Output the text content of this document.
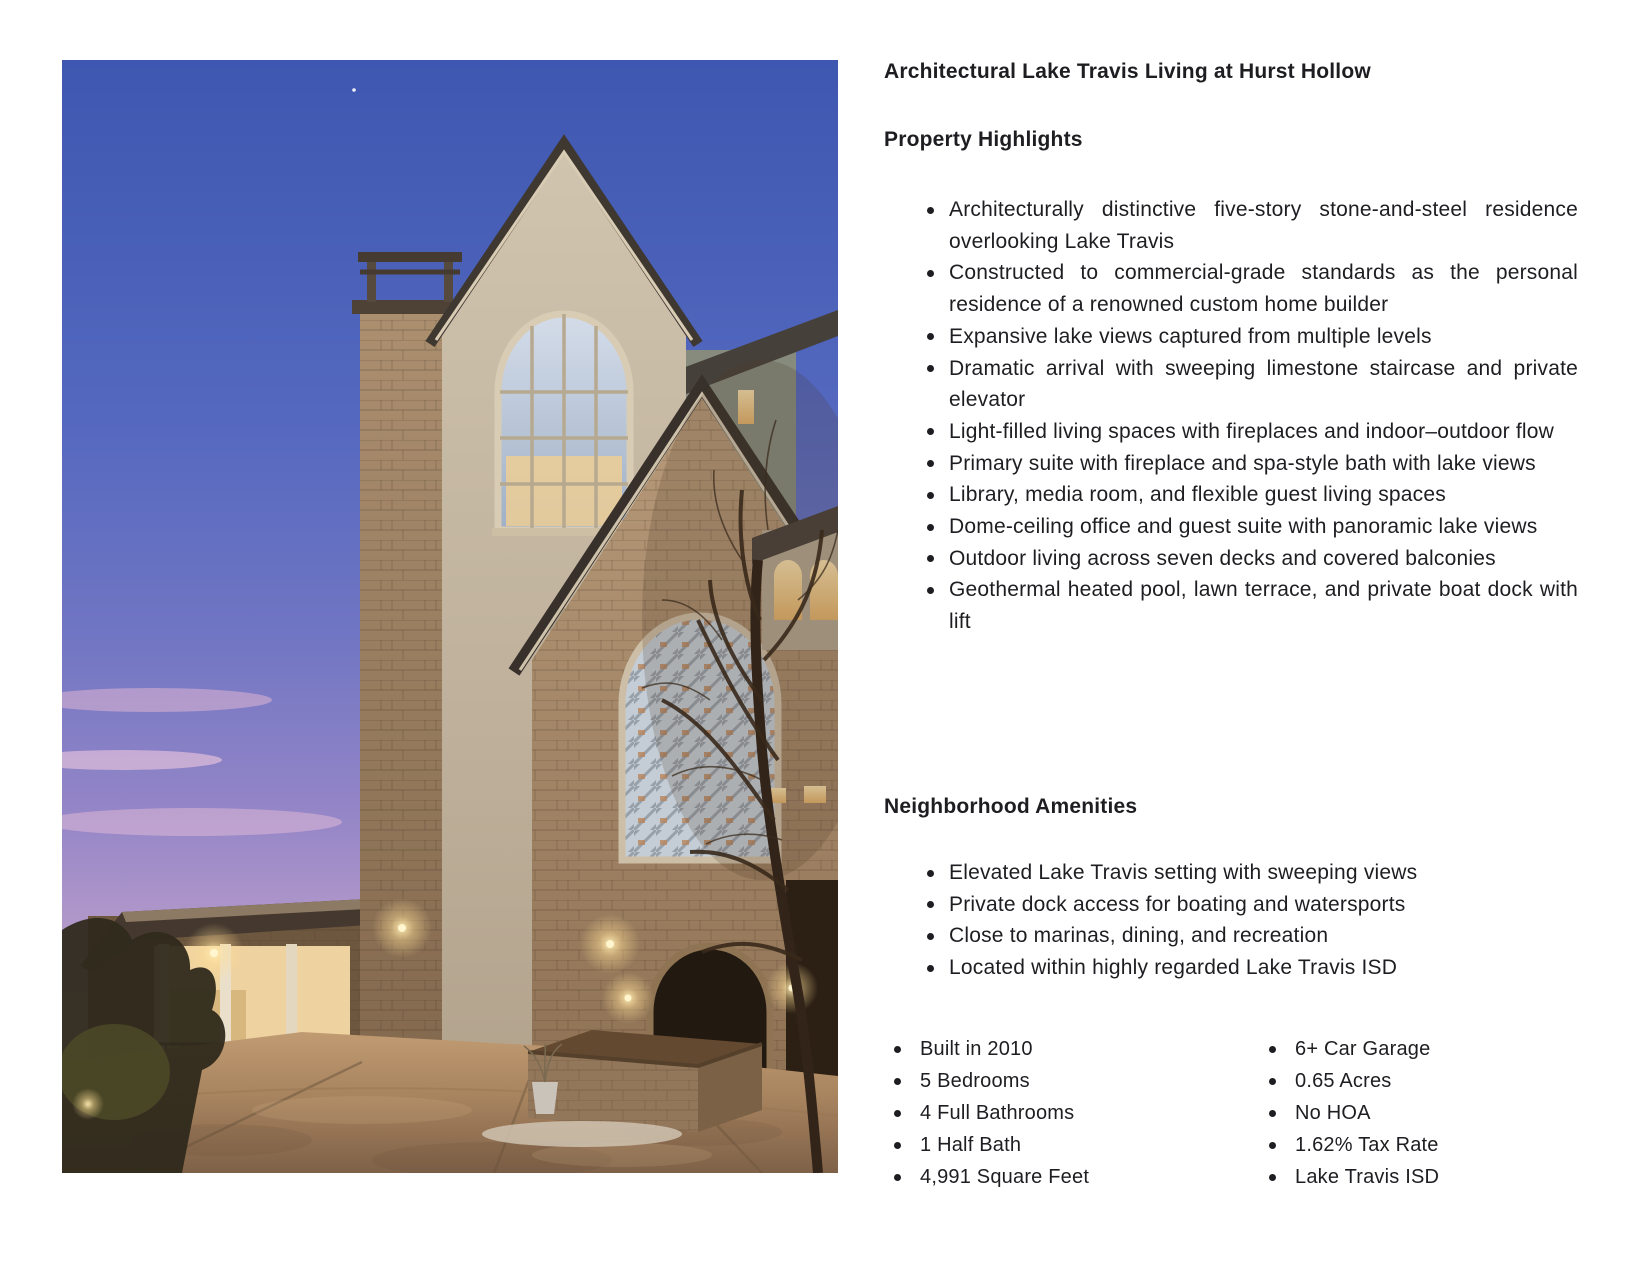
Architectural Lake Travis Living at Hurst Hollow
Property Highlights
Architecturally distinctive five-story stone-and-steel residence overlooking Lake Travis
Constructed to commercial-grade standards as the personal residence of a renowned custom home builder
Expansive lake views captured from multiple levels
Dramatic arrival with sweeping limestone staircase and private elevator
Light-filled living spaces with fireplaces and indoor–outdoor flow
Primary suite with fireplace and spa-style bath with lake views
Library, media room, and flexible guest living spaces
Dome-ceiling office and guest suite with panoramic lake views
Outdoor living across seven decks and covered balconies
Geothermal heated pool, lawn terrace, and private boat dock with lift
Neighborhood Amenities
Elevated Lake Travis setting with sweeping views
Private dock access for boating and watersports
Close to marinas, dining, and recreation
Located within highly regarded Lake Travis ISD
Built in 2010
5 Bedrooms
4 Full Bathrooms
1 Half Bath
4,991 Square Feet
6+ Car Garage
0.65 Acres
No HOA
1.62% Tax Rate
Lake Travis ISD
